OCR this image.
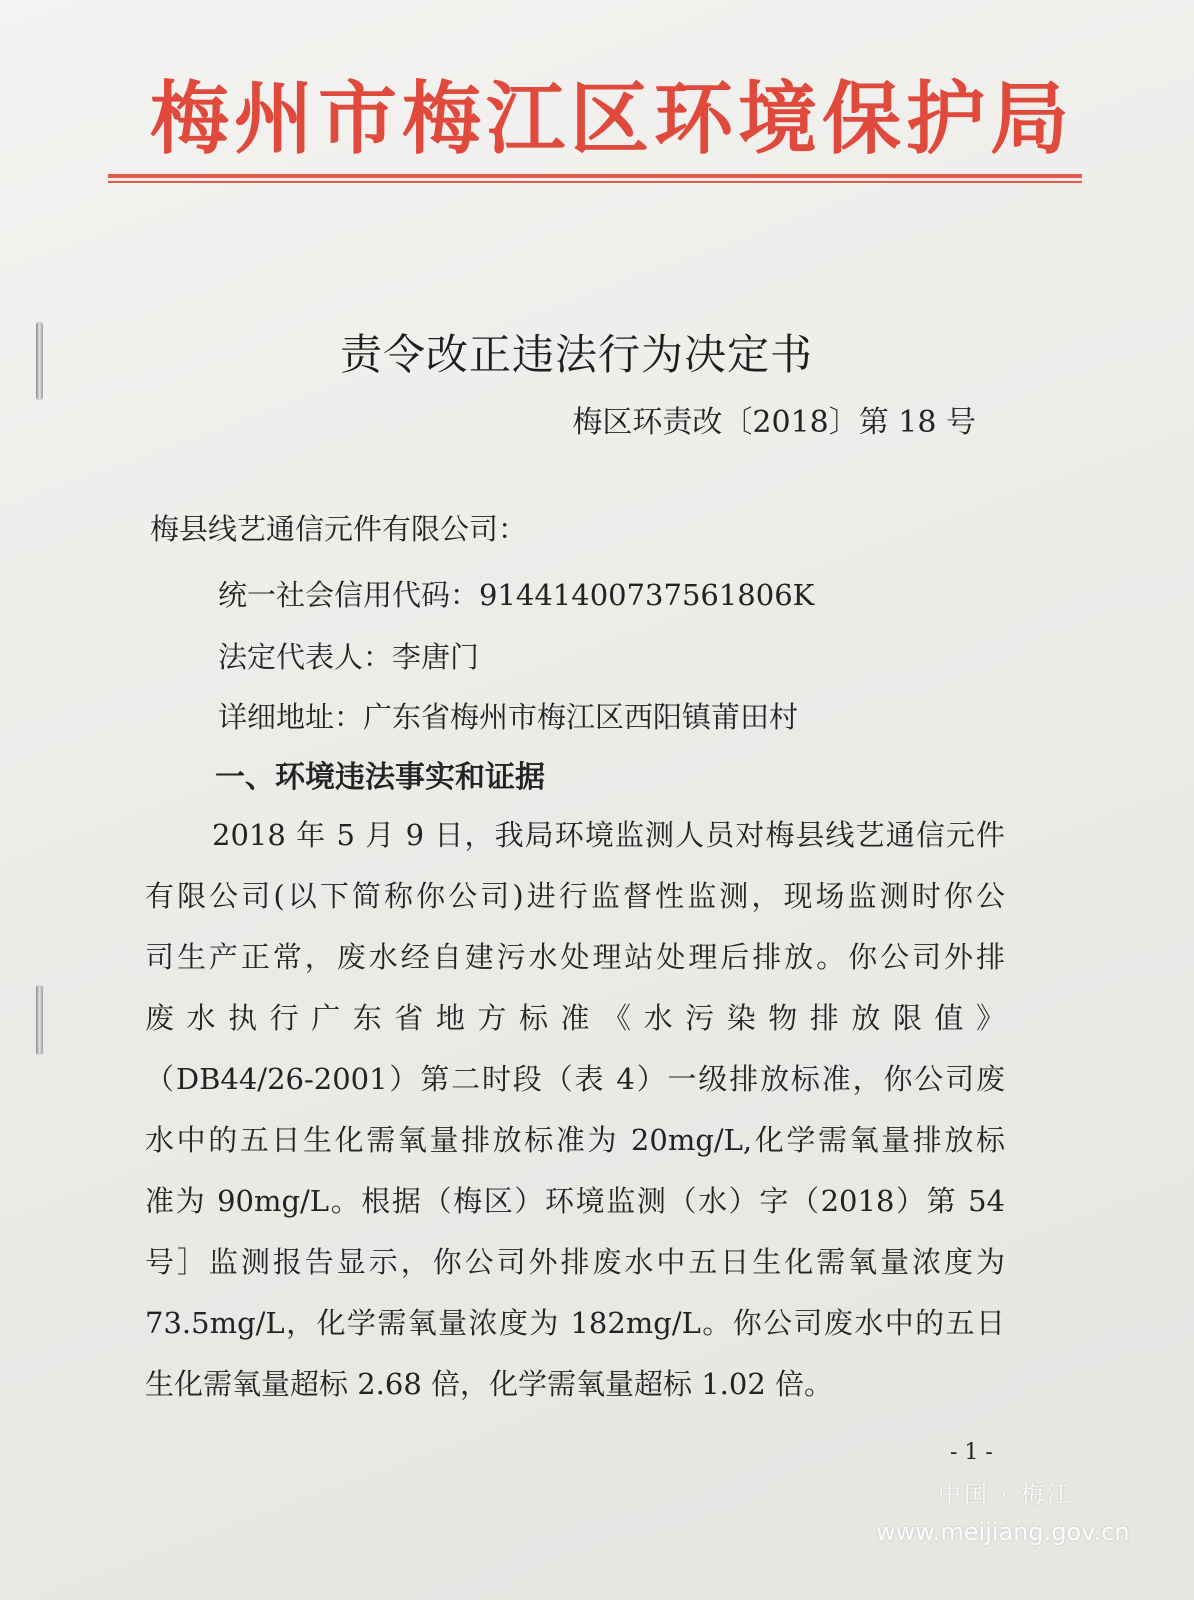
梅州市梅江区环境保护局
责令改正违法行为决定书
梅区环责改〔2018〕第 18 号
梅县线艺通信元件有限公司：
统一社会信用代码：91441400737561806K
法定代表人：李唐门
详细地址：广东省梅州市梅江区西阳镇莆田村
一、环境违法事实和证据
2018 年 5 月 9 日，我局环境监测人员对梅县线艺通信元件
有限公司(以下简称你公司)进行监督性监测，现场监测时你公
司生产正常，废水经自建污水处理站处理后排放。你公司外排
废水执行广东省地方标准《水污染物排放限值》
（DB44/26-2001）第二时段（表 4）一级排放标准，你公司废
水中的五日生化需氧量排放标准为 20mg/L,化学需氧量排放标
准为 90mg/L。根据（梅区）环境监测（水）字（2018）第 54
号］监测报告显示，你公司外排废水中五日生化需氧量浓度为
73.5mg/L，化学需氧量浓度为 182mg/L。你公司废水中的五日
生化需氧量超标 2.68 倍，化学需氧量超标 1.02 倍。
- 1 -
中国 · 梅江
www.meijiang.gov.cn
